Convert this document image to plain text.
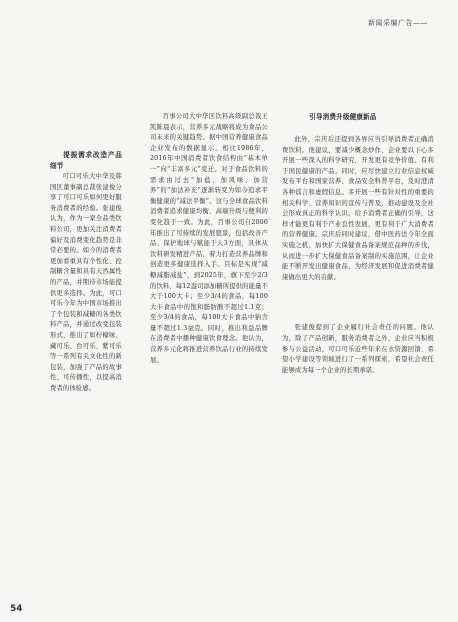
新闻采编广告——

提振需求改造产品细节

可口可乐大中华及韩国区董事副总裁张建俊分享了可口可乐如何更好服务消费者的经验。张建俊认为，作为一家全品类饮料公司，更加关注消费者偏好及消费变化趋势是非常必要的。如今的消费者更加看重具有个性化、控制糖含量和具有天然属性的产品，并期待市场能提供更多选择。为此，可口可乐今年为中国市场推出了个包装和减糖的各类饮料产品，并通过改变包装形式，推出了如柠檬味、藏可乐、台可乐、紫可乐等一系列有关文化性的新包装，加强了产品的故事性、可传播性，以提高消费者的体验感。

百事公司大中华区饮料高级副总裁王凯陈晨表示，营养多元战略将成为食品公司未来的关键趋势。据中国营养健康食品企业发布的数据显示，相比1986年，2016年中国消费者饮食结构由“基本单一”向“丰富多元”变迁。对于食品饮料的需求由过去“加盐、加风味、加营养”的“加法补充”逐渐转变为如今追求平衡健康的“减法平衡”。这与全球食品饮料消费者追求健康均衡、高端升级与便利的变化趋于一致。为此，百事公司自2006年推出了可持续的发展愿景，包括改善产品、保护地球与赋能于人3方面，具体从饮料研发精进产品，着力打造营养品牌和创造更多健康选择入手。目标是实现“减糖减脂减盐”，到2025年，旗下至少2/3的饮料，每12盎司添加糖所提供的能量不大于100大卡；至少3/4的食品，每100大卡食品中的饱和脂肪酸不超过1.1克；至少3/4的食品，每100大卡食品中钠含量不超过1.3毫克。同时，推出利益品牌在消费者中播种健康饮食理念。他认为，营养多元化将推进营养饮品行业的持续发展。

引导消费升级健康新品

此外，宗庆后还提到各界应当引导消费者正确消费饮料。他建议，要减少概念炒作、企业要以下心多开展一些深入的科学研究，开发更有竞争价值、有利于国民健康的产品。同时，应尽快建立行业信息权威发布平台和国家营养、食品安全科普平台，及时澄清各种谣言和虚假信息。多开展一些有针对性的重要的相关科学、营养知识的宣传与普及，推动建设及全社会形成真正的科学认识，给予消费者正确的引导，这样才能更有利于产业良性发展，更有利于广大消费者的营养健康。宗庆后同时建议，借中医药法今年全面实施之机，加快扩大保健食品备案规范品种的步伐，从而进一步扩大保健食品备案制的实施范围，让企业能不断开发出健康食品，为经济发展和促进消费者健康做出更大的贡献。

张建俊提到了企业履行社会责任的问题。他认为，除了产品创新，服务消费者之外，企业应当积极参与公益活动，可口可乐近些年来在水资源回馈、希望小学建设等领域进行了一系列探索，希望社会责任能够成为每一个企业的长期承诺。

54
